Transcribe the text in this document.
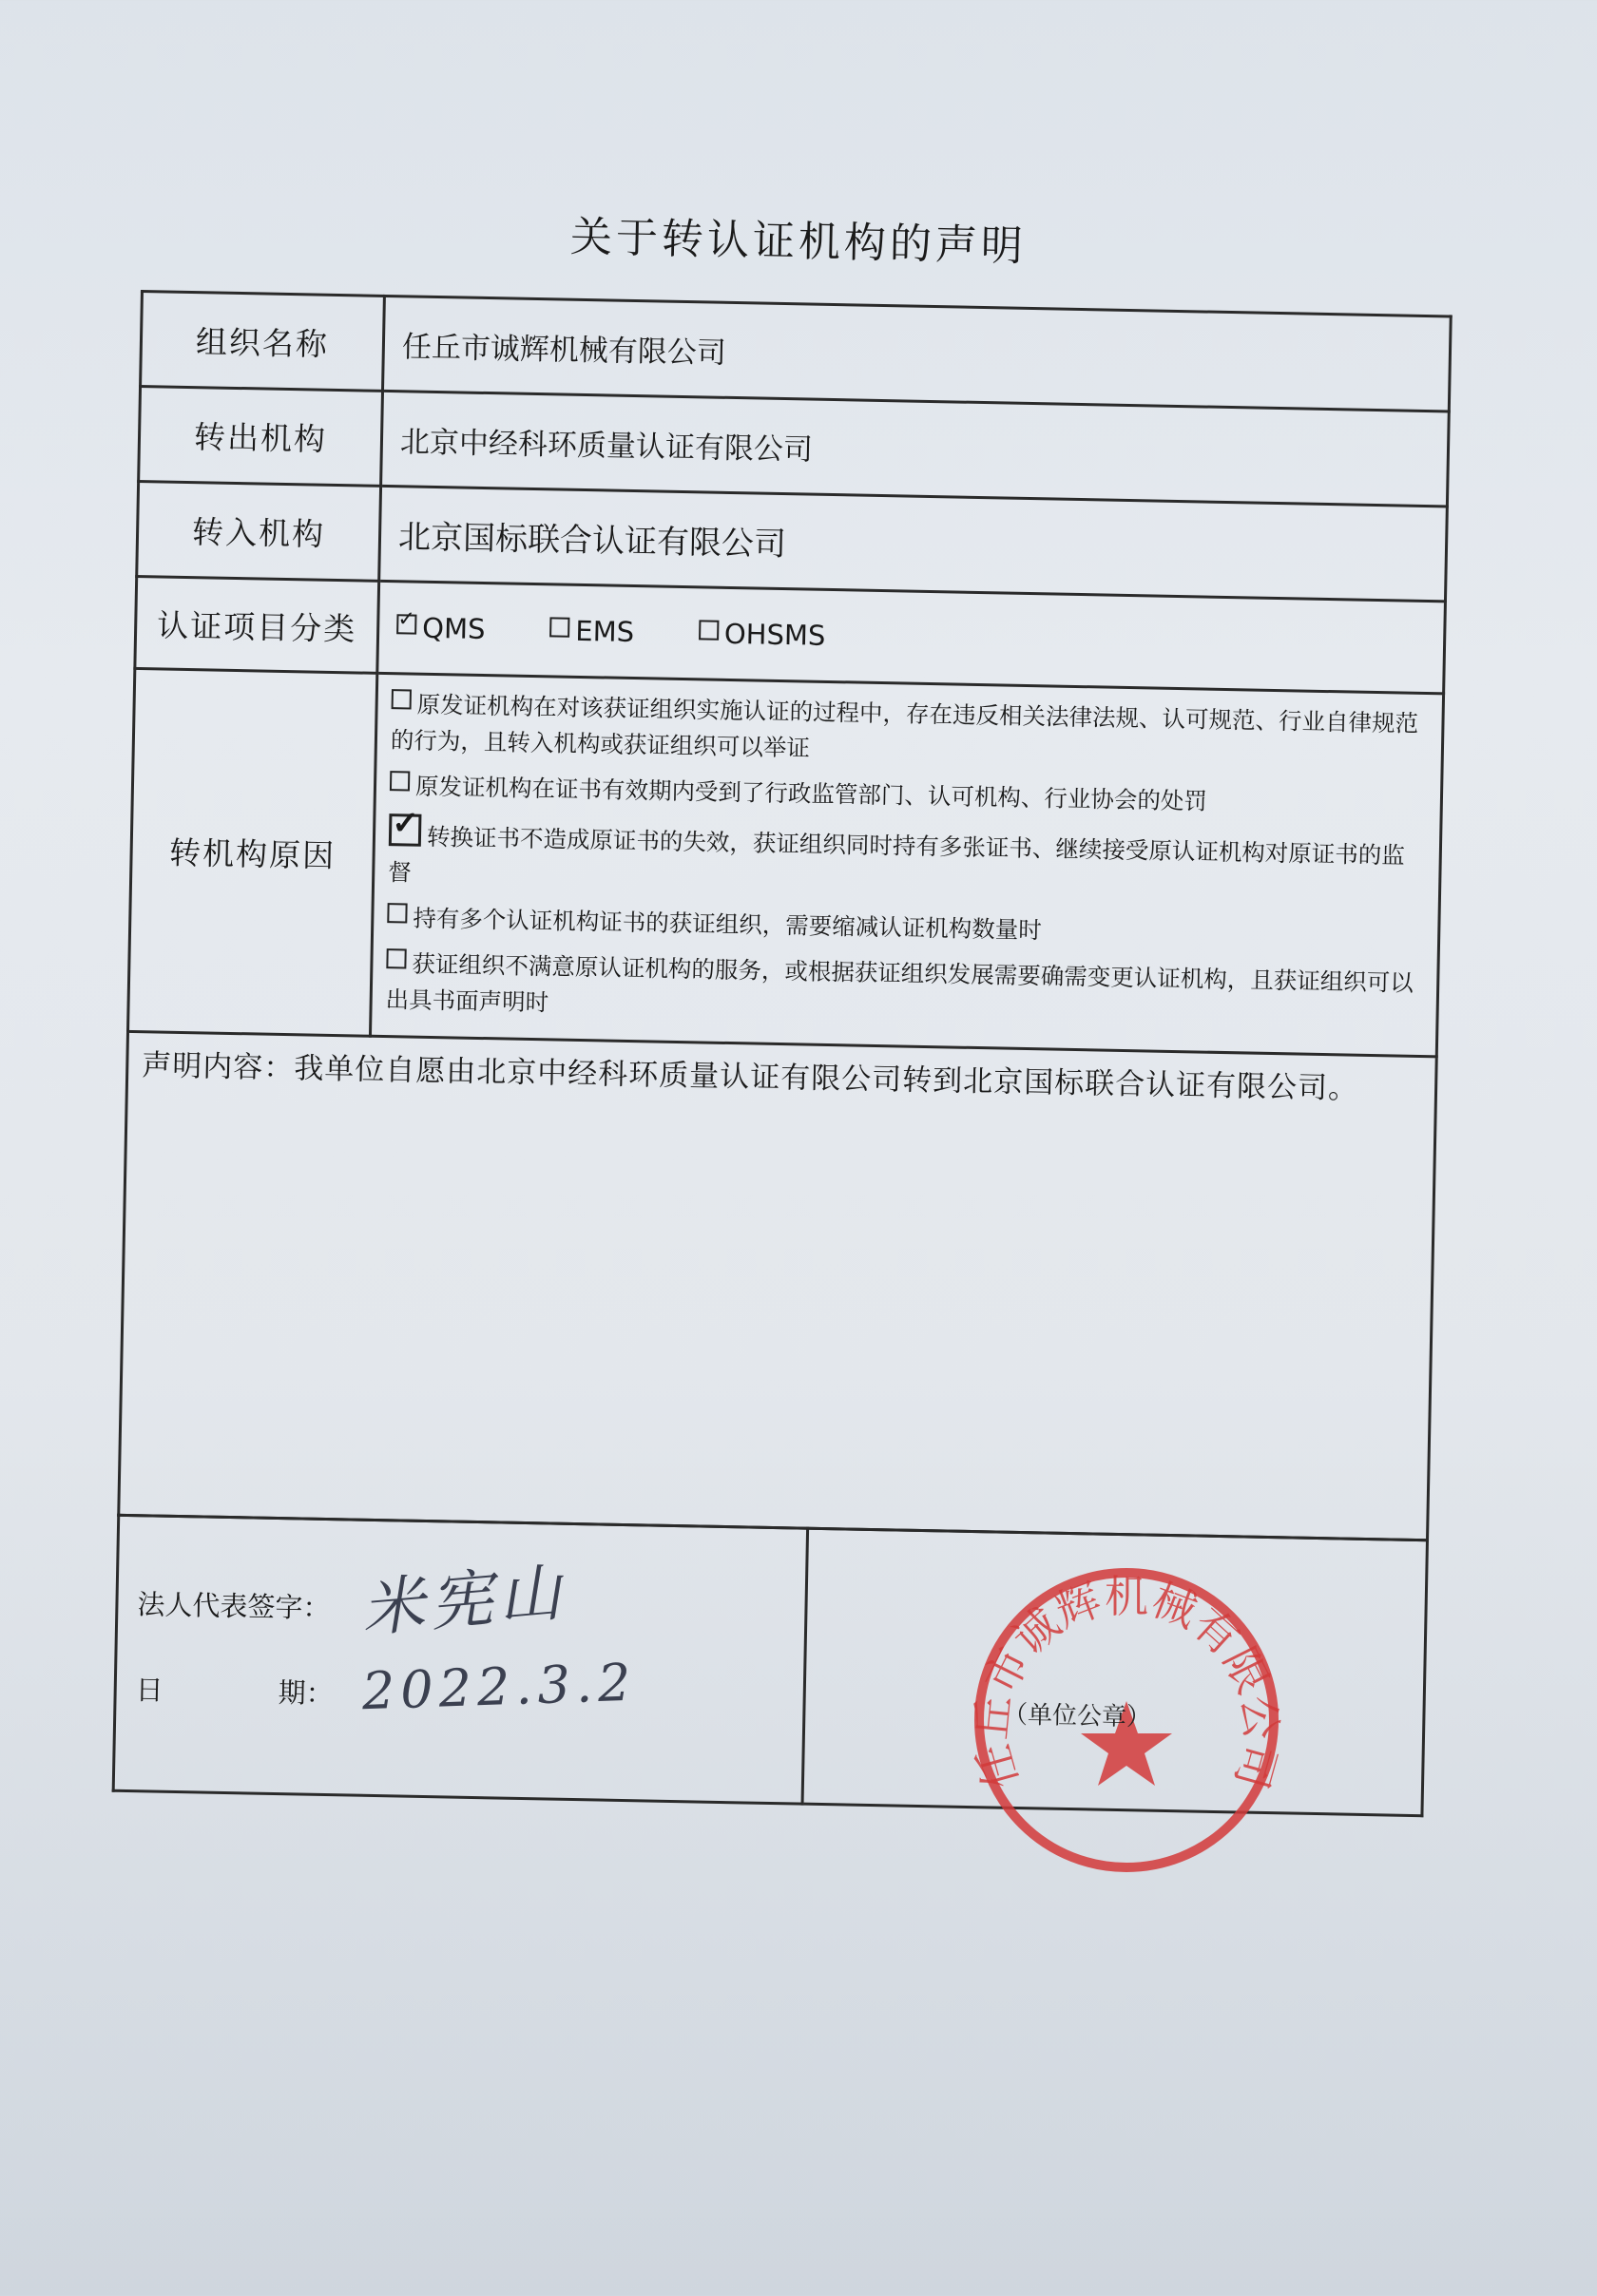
关于转认证机构的声明
组织名称	任丘市诚辉机械有限公司
转出机构	北京中经科环质量认证有限公司
转入机构	北京国标联合认证有限公司
认证项目分类	✓QMS EMS OHSMS
转机构原因	原发证机构在对该获证组织实施认证的过程中，存在违反相关法律法规、认可规范、行业自律规范的行为，且转入机构或获证组织可以举证
原发证机构在证书有效期内受到了行政监管部门、认可机构、行业协会的处罚
✓转换证书不造成原证书的失效，获证组织同时持有多张证书、继续接受原认证机构对原证书的监督
持有多个认证机构证书的获证组织，需要缩减认证机构数量时
获证组织不满意原认证机构的服务，或根据获证组织发展需要确需变更认证机构，且获证组织可以出具书面声明时

声明内容：我单位自愿由北京中经科环质量认证有限公司转到北京国标联合认证有限公司。	
法人代表签字： 米宪山
日	期： 2022.3.2

任丘市诚辉机械有限公司
（单位公章）
